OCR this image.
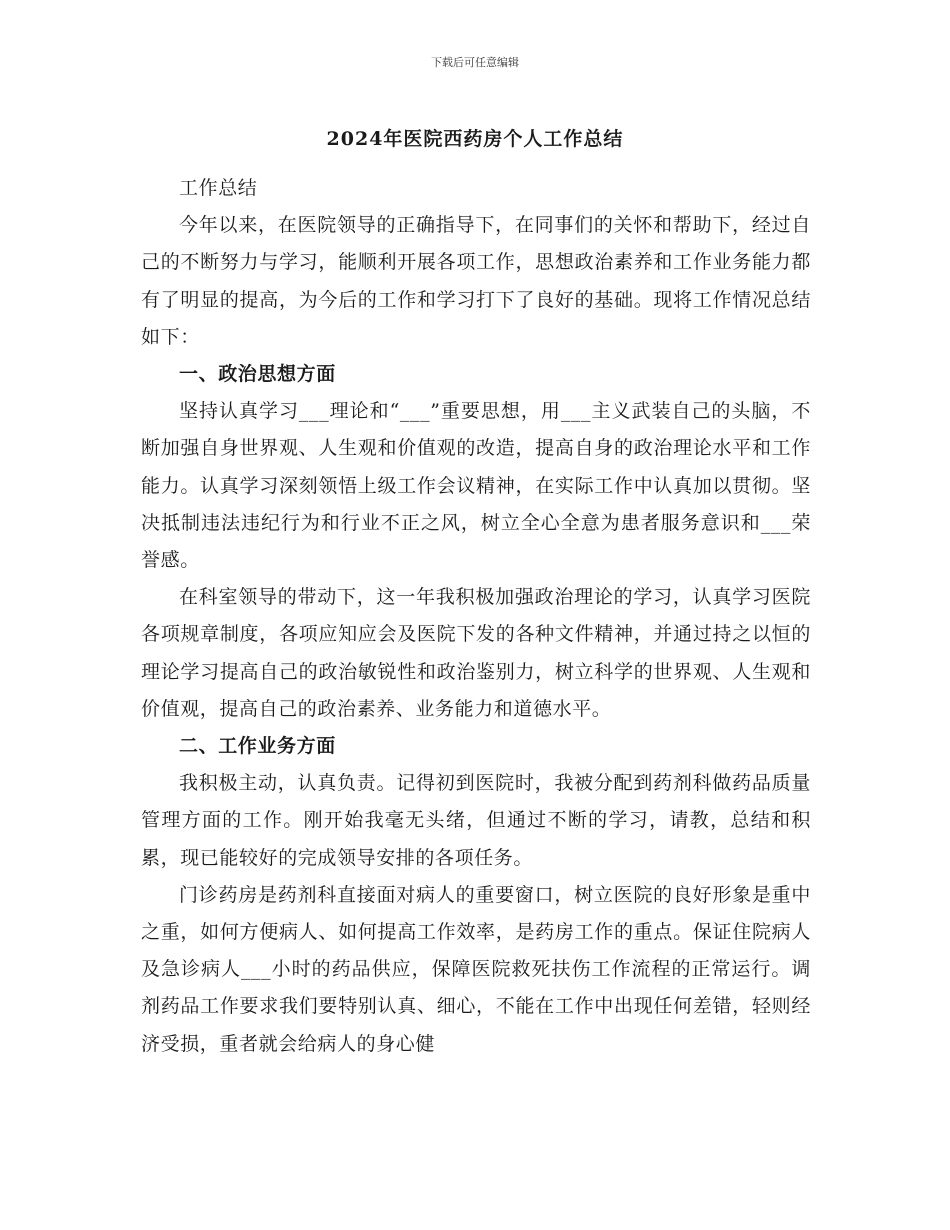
下载后可任意编辑
2024年医院西药房个人工作总结

工作总结

今年以来，在医院领导的正确指导下，在同事们的关怀和帮助下，经过自己的不断努力与学习，能顺利开展各项工作，思想政治素养和工作业务能力都有了明显的提高，为今后的工作和学习打下了良好的基础。现将工作情况总结如下：

一、政治思想方面

坚持认真学习___理论和“___”重要思想，用___主义武装自己的头脑，不断加强自身世界观、人生观和价值观的改造，提高自身的政治理论水平和工作能力。认真学习深刻领悟上级工作会议精神，在实际工作中认真加以贯彻。坚决抵制违法违纪行为和行业不正之风，树立全心全意为患者服务意识和___荣誉感。

在科室领导的带动下，这一年我积极加强政治理论的学习，认真学习医院各项规章制度，各项应知应会及医院下发的各种文件精神，并通过持之以恒的理论学习提高自己的政治敏锐性和政治鉴别力，树立科学的世界观、人生观和价值观，提高自己的政治素养、业务能力和道德水平。

二、工作业务方面

我积极主动，认真负责。记得初到医院时，我被分配到药剂科做药品质量管理方面的工作。刚开始我毫无头绪，但通过不断的学习，请教，总结和积累，现已能较好的完成领导安排的各项任务。

门诊药房是药剂科直接面对病人的重要窗口，树立医院的良好形象是重中之重，如何方便病人、如何提高工作效率，是药房工作的重点。保证住院病人及急诊病人___小时的药品供应，保障医院救死扶伤工作流程的正常运行。调剂药品工作要求我们要特别认真、细心，不能在工作中出现任何差错，轻则经济受损，重者就会给病人的身心健
